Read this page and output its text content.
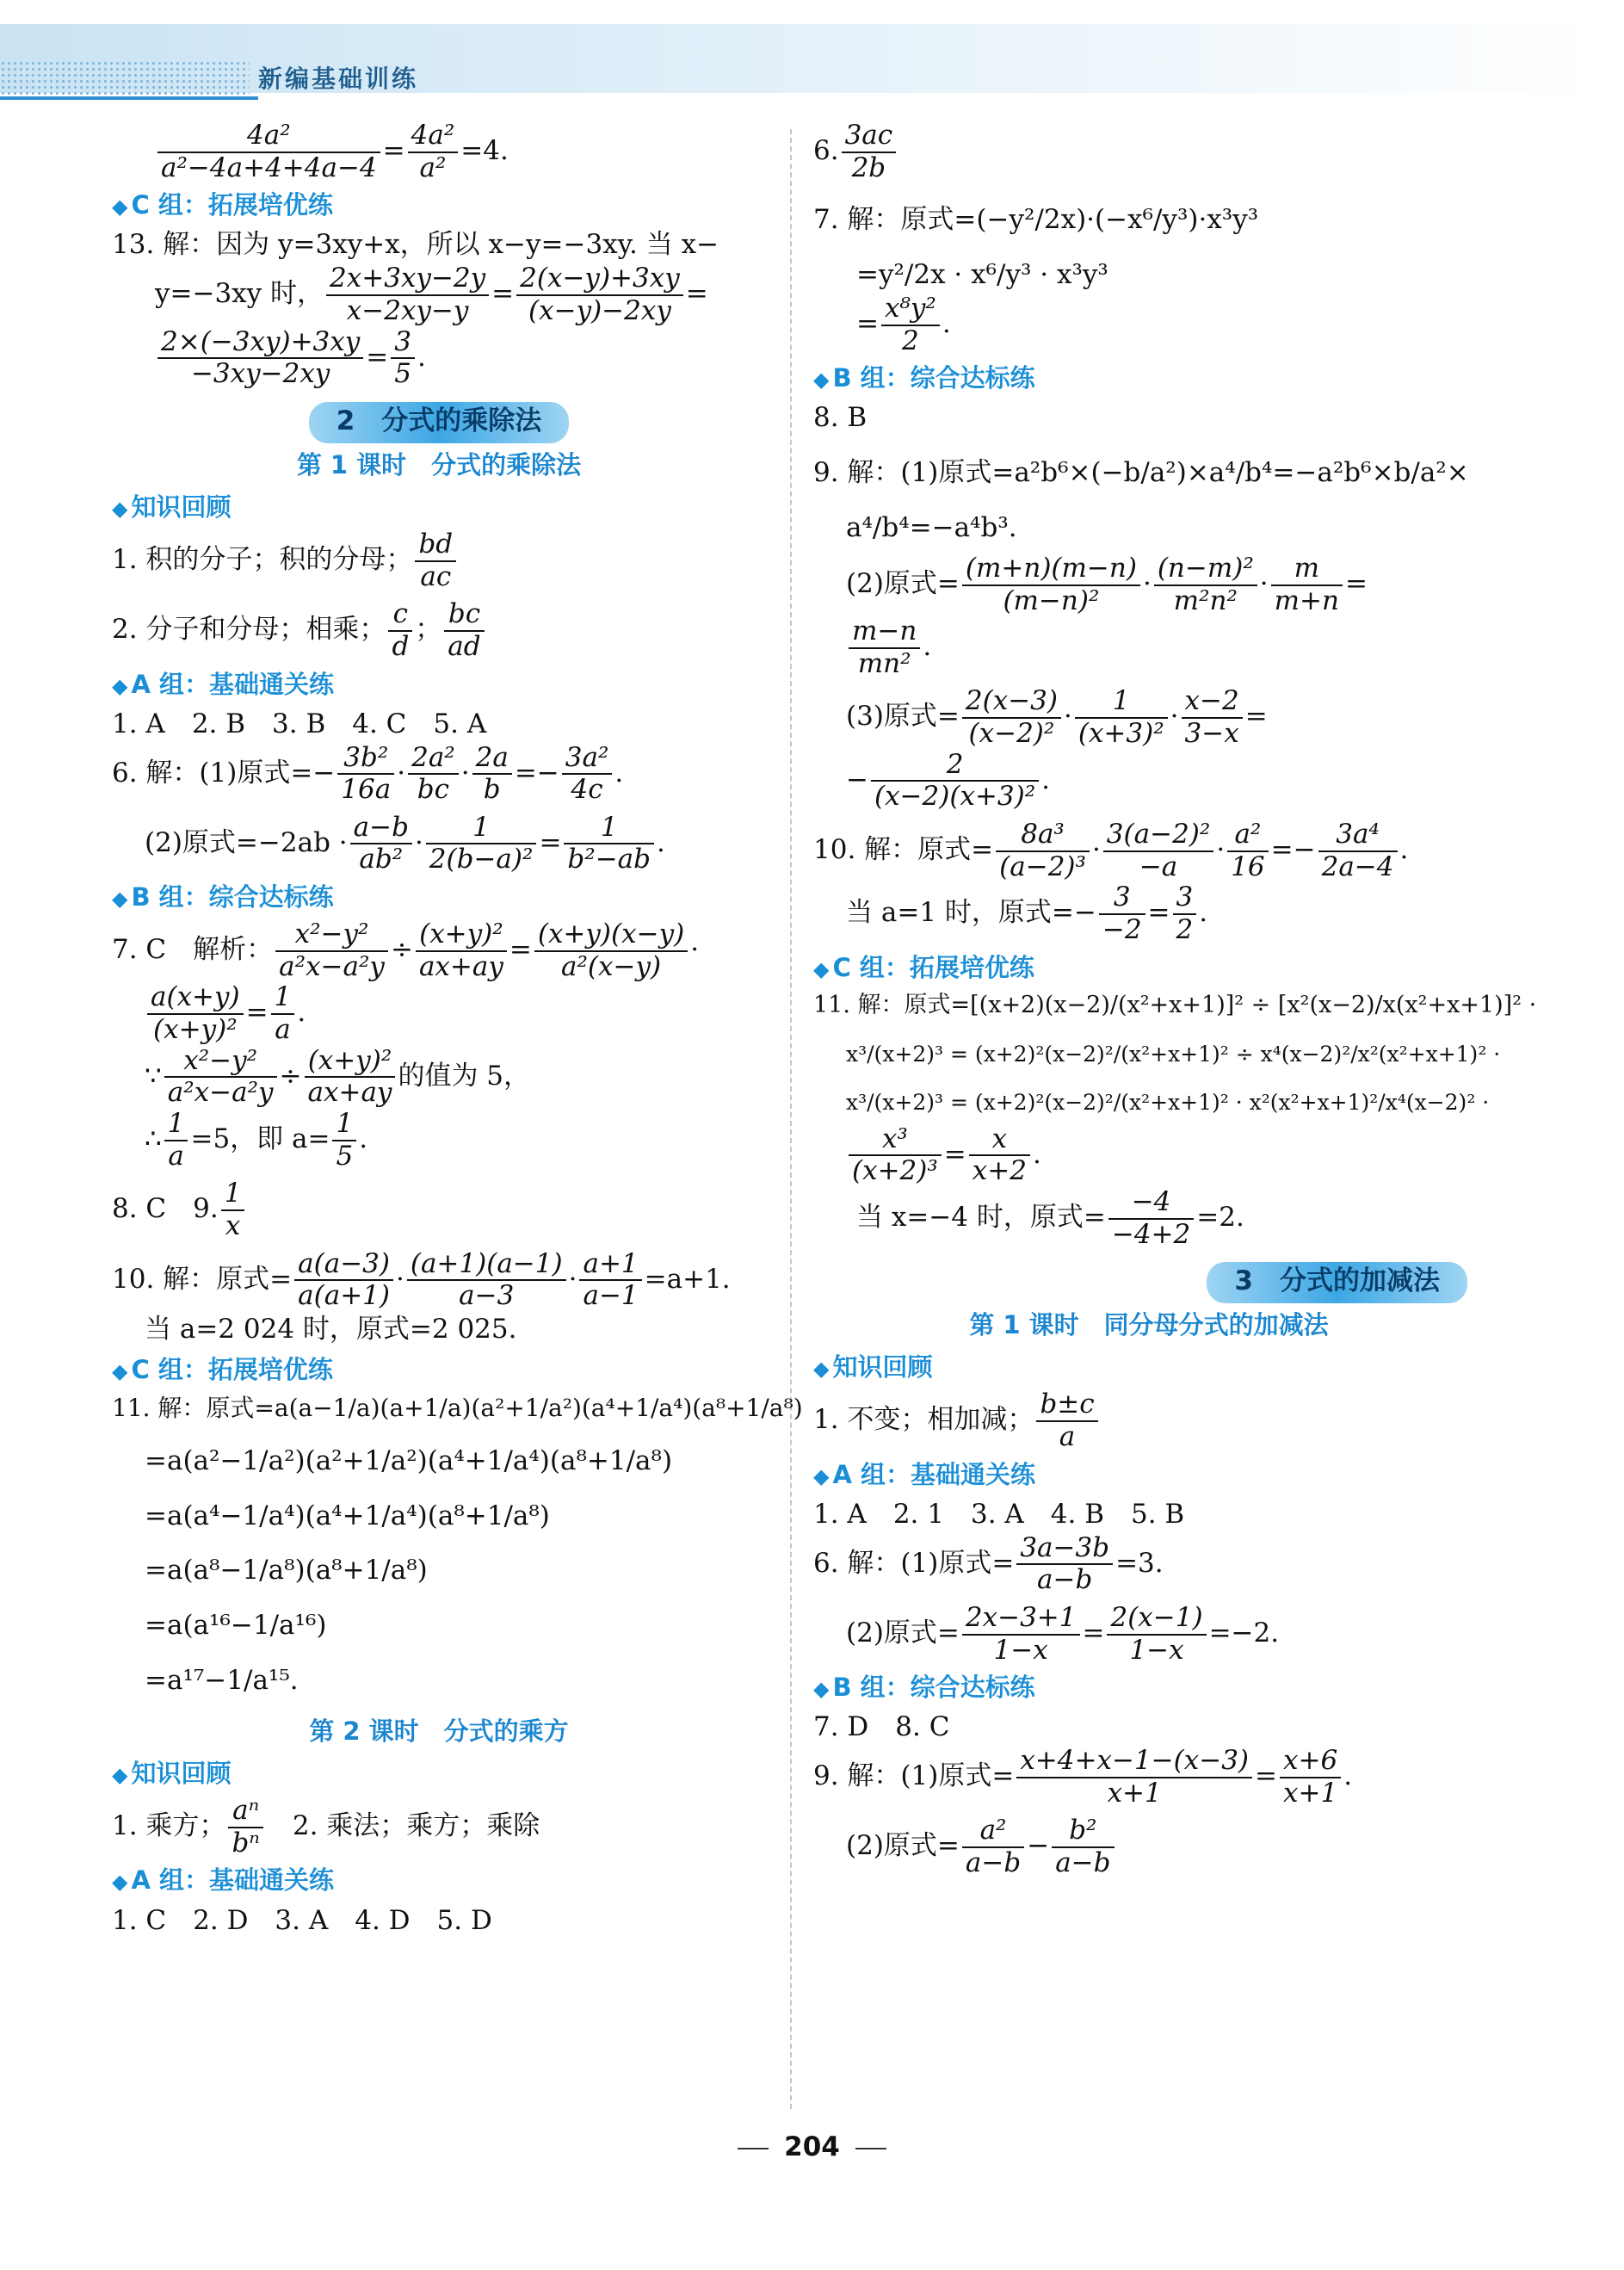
新编基础训练

$\frac{\text{4a²}}{\text{a²−4a+4+4a−4}} = \frac{\text{4a²}}{\text{a²}} =4$.

◆ C 组：拓展培优练

13. 解：因为 y=3xy+x，所以 x−y=−3xy. 当 x−

y=−3xy 时， $\frac{2x+3xy-2y}{x-2xy-y} = \frac{2(x-y)+3xy}{(x-y)-2xy}$ =

$\frac{2\times(-3xy)+3xy}{-3xy-2xy} = \frac{3}{5}$ .

2　分式的乘除法
第 1 课时　分式的乘除法
◆ 知识回顾

1. 积的分子；积的分母； $\frac{bd}{ac}$

2. 分子和分母；相乘； $\frac{c}{d}$ ； $\frac{bc}{ad}$

◆ A 组：基础通关练

1. A　2. B　3. B　4. C　5. A

6. 解：(1)原式=− $\frac{\text{3b²}}{16a} \cdot \frac{\text{2a²}}{bc} \cdot \frac{2a}{b} =- \frac{\text{3a²}}{4c}$ .

(2)原式$=-2ab \cdot \frac{a-b}{\text{ab²}} \cdot \frac{1}{\text{2(b−a)²}} = \frac{1}{\text{b²−ab}}$ .

◆ B 组：综合达标练

7. C　解析： $\frac{\text{x²−y²}}{\text{a²x−a²y}} \div \frac{\text{(x+y)²}}{ax+ay} = \frac{(x+y)(x-y)}{\text{a²(x−y)}}$ ·

$\frac{a(x+y)}{\text{(x+y)²}} = \frac{1}{a}$ .

∵ $\frac{\text{x²−y²}}{\text{a²x−a²y}} \div \frac{\text{(x+y)²}}{ax+ay}$ 的值为 5，

∴ $\frac{1}{a} =5$，即 $a= \frac{1}{5}$ .

8. C　9. $\frac{1}{x}$

10. 解：原式= $\frac{a(a-3)}{a(a+1)} \cdot \frac{(a+1)(a-1)}{a-3} \cdot \frac{a+1}{a-1} =a+1$.

当 a=2 024 时，原式=2 025.

◆ C 组：拓展培优练

11. 解：原式=a(a−1/a)(a+1/a)(a²+1/a²)(a⁴+1/a⁴)(a⁸+1/a⁸)

=a(a²−1/a²)(a²+1/a²)(a⁴+1/a⁴)(a⁸+1/a⁸)

=a(a⁴−1/a⁴)(a⁴+1/a⁴)(a⁸+1/a⁸)

=a(a⁸−1/a⁸)(a⁸+1/a⁸)

=a(a¹⁶−1/a¹⁶)

=a¹⁷−1/a¹⁵.

第 2 课时　分式的乘方
◆ 知识回顾

1. 乘方； $\frac{\text{aⁿ}}{\text{bⁿ}}$
　 2. 乘法；乘方；乘除

◆ A 组：基础通关练

1. C　2. D　3. A　4. D　5. D

6. $\frac{3ac}{2b}$

7. 解：原式=(−y²/2x)·(−x⁶/y³)·x³y³

=y²/2x · x⁶/y³ · x³y³

= $\frac{\text{x⁸y²}}{2}$ .

◆ B 组：综合达标练

8. B

9. 解：(1)原式=a²b⁶×(−b/a²)×a⁴/b⁴=−a²b⁶×b/a²×

a⁴/b⁴=−a⁴b³.

(2)原式= $\frac{(m+n)(m-n)}{\text{(m−n)²}} \cdot \frac{\text{(n−m)²}}{\text{m²n²}} \cdot \frac{m}{m+n}$ =

$\frac{m-n}{\text{mn²}}$ .

(3)原式= $\frac{2(x-3)}{\text{(x−2)²}} \cdot \frac{1}{\text{(x+3)²}} \cdot \frac{x-2}{3-x}$ =

− $\frac{2}{\text{(x−2)(x+3)²}}$ .

10. 解：原式= $\frac{\text{8a³}}{\text{(a−2)³}} \cdot \frac{\text{3(a−2)²}}{-a} \cdot \frac{\text{a²}}{16} =- \frac{\text{3a⁴}}{2a-4}$ .

当 a=1 时，原式=− $\frac{3}{-2} = \frac{3}{2}$ .

◆ C 组：拓展培优练

11. 解：原式=[(x+2)(x−2)/(x²+x+1)]² ÷ [x²(x−2)/x(x²+x+1)]² ·

x³/(x+2)³ = (x+2)²(x−2)²/(x²+x+1)² ÷ x⁴(x−2)²/x²(x²+x+1)² ·

x³/(x+2)³ = (x+2)²(x−2)²/(x²+x+1)² · x²(x²+x+1)²/x⁴(x−2)² ·

$\frac{\text{x³}}{\text{(x+2)³}} = \frac{x}{x+2}$ .

当 x=−4 时，原式= $\frac{-4}{-4+2} =2$.

3　分式的加减法
第 1 课时　同分母分式的加减法
◆ 知识回顾

1. 不变；相加减； $\frac{b\pm c}{a}$

◆ A 组：基础通关练

1. A　2. 1　3. A　4. B　5. B

6. 解：(1)原式= $\frac{3a-3b}{a-b} =3$.

(2)原式= $\frac{2x-3+1}{1-x} = \frac{2(x-1)}{1-x} =-2$.

◆ B 组：综合达标练

7. D　8. C

9. 解：(1)原式= $\frac{x+4+x-1-(x-3)}{x+1} = \frac{x+6}{x+1}$ .

(2)原式= $\frac{\text{a²}}{a-b} - \frac{\text{b²}}{a-b}$

204
